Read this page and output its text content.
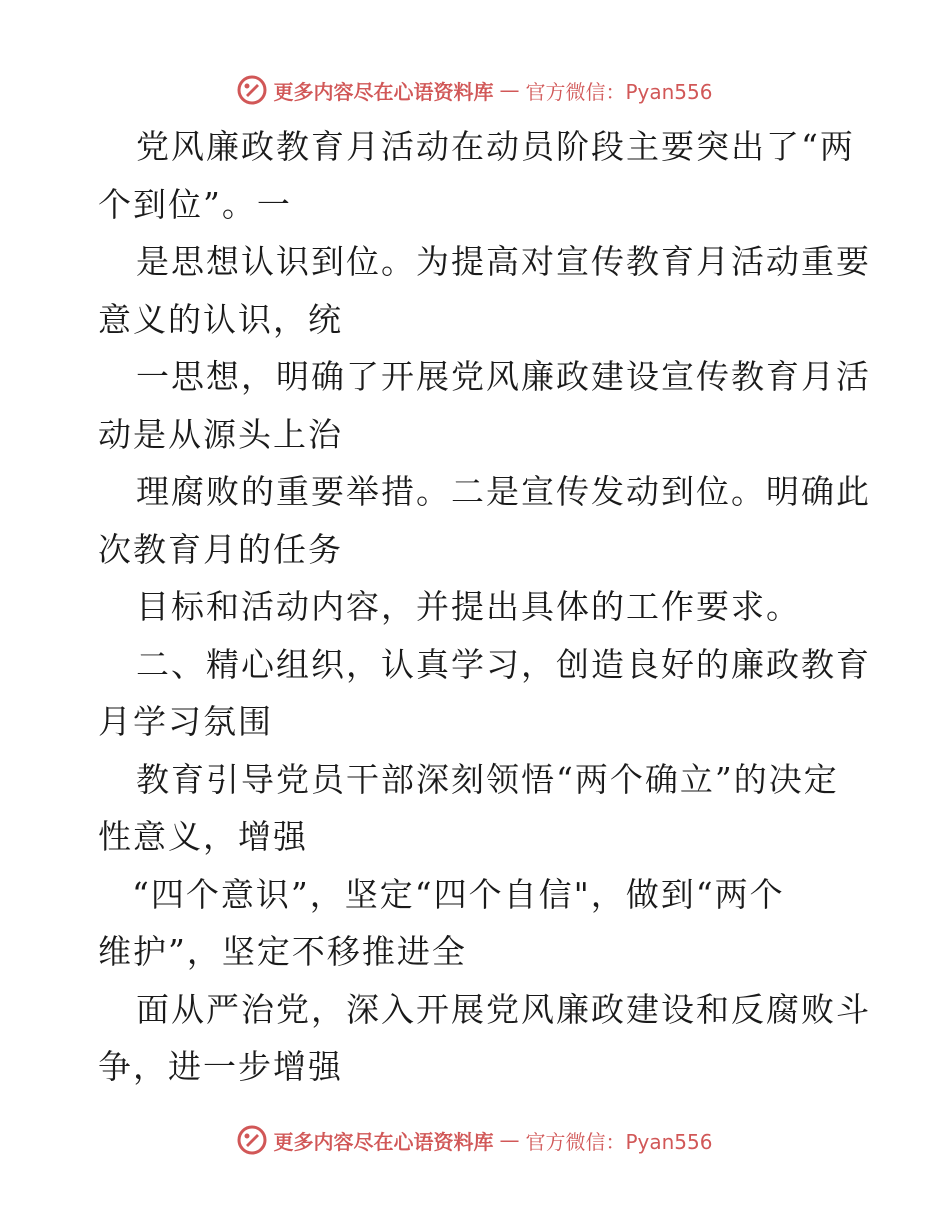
更多内容尽在心语资料库 — 官方微信：Pyan556
党风廉政教育月活动在动员阶段主要突出了“两
个到位”。一
是思想认识到位。为提高对宣传教育月活动重要
意义的认识，统
一思想，明确了开展党风廉政建设宣传教育月活
动是从源头上治
理腐败的重要举措。二是宣传发动到位。明确此
次教育月的任务
目标和活动内容，并提出具体的工作要求。
二、精心组织，认真学习，创造良好的廉政教育
月学习氛围
教育引导党员干部深刻领悟“两个确立”的决定
性意义，增强
“四个意识”，坚定“四个自信"，做到“两个
维护”，坚定不移推进全
面从严治党，深入开展党风廉政建设和反腐败斗
争，进一步增强
更多内容尽在心语资料库 — 官方微信：Pyan556
